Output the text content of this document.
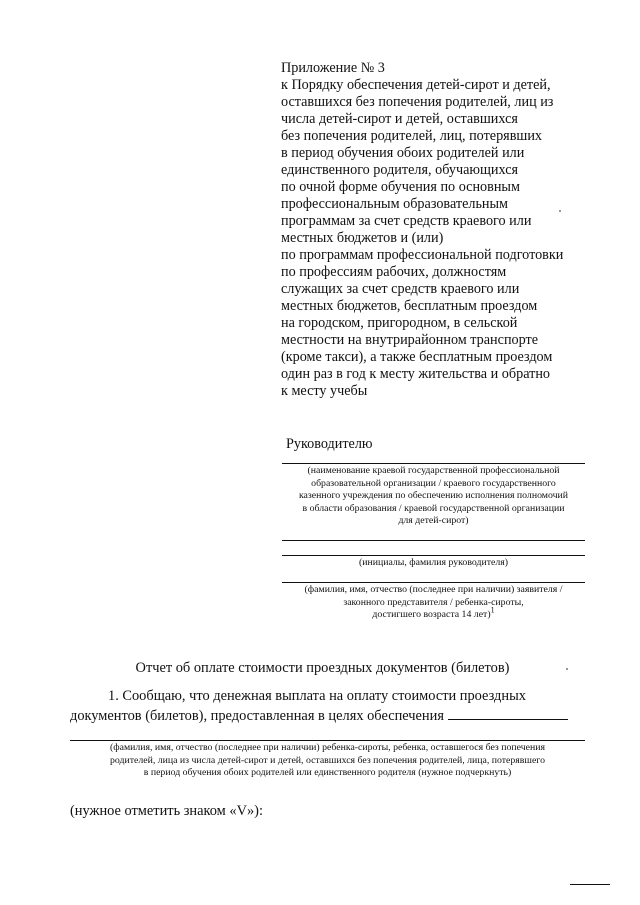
Приложение № 3
к Порядку обеспечения детей-сирот и детей,
оставшихся без попечения родителей, лиц из
числа детей-сирот и детей, оставшихся
без попечения родителей, лиц, потерявших
в период обучения обоих родителей или
единственного родителя, обучающихся
по очной форме обучения по основным
профессиональным образовательным
программам за счет средств краевого или
местных бюджетов и (или)
по программам профессиональной подготовки
по профессиям рабочих, должностям
служащих за счет средств краевого или
местных бюджетов, бесплатным проездом
на городском, пригородном, в сельской
местности на внутрирайонном транспорте
(кроме такси), а также бесплатным проездом
один раз в год к месту жительства и обратно
к месту учебы
Руководителю
(наименование краевой государственной профессиональной
образовательной организации / краевого государственного
казенного учреждения по обеспечению исполнения полномочий
в области образования / краевой государственной организации
для детей-сирот)
(инициалы, фамилия руководителя)
(фамилия, имя, отчество (последнее при наличии) заявителя /
законного представителя / ребенка-сироты,
достигшего возраста 14 лет)$^1$
Отчет об оплате стоимости проездных документов (билетов)
1. Сообщаю, что денежная выплата на оплату стоимости проездных
документов (билетов), предоставленная в целях обеспечения
(фамилия, имя, отчество (последнее при наличии) ребенка-сироты, ребенка, оставшегося без попечения
родителей, лица из числа детей-сирот и детей, оставшихся без попечения родителей, лица, потерявшего
в период обучения обоих родителей или единственного родителя (нужное подчеркнуть)
(нужное отметить знаком «V»):
